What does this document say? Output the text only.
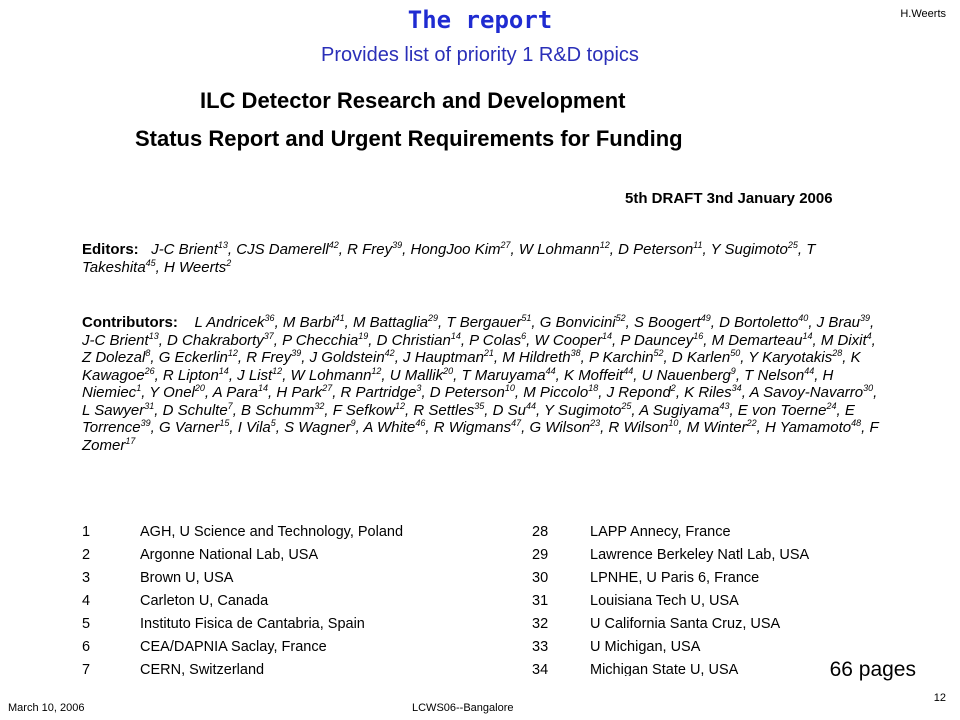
The report
Provides list of priority 1 R&D topics
H.Weerts
ILC Detector Research and Development
Status Report and Urgent Requirements for Funding
5th DRAFT 3nd January 2006
Editors: J-C Brient$^{13}$, CJS Damerell$^{42}$, R Frey$^{39}$, HongJoo Kim$^{27}$, W Lohmann$^{12}$, D Peterson$^{11}$, Y Sugimoto$^{25}$, T Takeshita$^{45}$, H Weerts$^2$
Contributors: L Andricek$^{36}$, M Barbi$^{41}$, M Battaglia$^{29}$, T Bergauer$^{51}$, G Bonvicini$^{52}$, S Boogert$^{49}$, D Bortoletto$^{40}$, J Brau$^{39}$, J-C Brient$^{13}$, D Chakraborty$^{37}$, P Checchia$^{19}$, D Christian$^{14}$, P Colas$^6$, W Cooper$^{14}$, P Dauncey$^{16}$, M Demarteau$^{14}$, M Dixit$^4$, Z Dolezal$^8$, G Eckerlin$^{12}$, R Frey$^{39}$, J Goldstein$^{42}$, J Hauptman$^{21}$, M Hildreth$^{38}$, P Karchin$^{52}$, D Karlen$^{50}$, Y Karyotakis$^{28}$, K Kawagoe$^{26}$, R Lipton$^{14}$, J List$^{12}$, W Lohmann$^{12}$, U Mallik$^{20}$, T Maruyama$^{44}$, K Moffeit$^{44}$, U Nauenberg$^9$, T Nelson$^{44}$, H Niemiec$^1$, Y Onel$^{20}$, A Para$^{14}$, H Park$^{27}$, R Partridge$^3$, D Peterson$^{10}$, M Piccolo$^{18}$, J Repond$^2$, K Riles$^{34}$, A Savoy-Navarro$^{30}$, L Sawyer$^{31}$, D Schulte$^7$, B Schumm$^{32}$, F Sefkow$^{12}$, R Settles$^{35}$, D Su$^{44}$, Y Sugimoto$^{25}$, A Sugiyama$^{43}$, E von Toerne$^{24}$, E Torrence$^{39}$, G Varner$^{15}$, I Vila$^5$, S Wagner$^9$, A White$^{46}$, R Wigmans$^{47}$, G Wilson$^{23}$, R Wilson$^{10}$, M Winter$^{22}$, H Yamamoto$^{48}$, F Zomer$^{17}$
1	AGH, U Science and Technology, Poland
2	Argonne National Lab, USA
3	Brown U, USA
4	Carleton U, Canada
5	Instituto Fisica de Cantabria, Spain
6	CEA/DAPNIA Saclay, France
7	CERN, Switzerland
28	LAPP Annecy, France
29	Lawrence Berkeley Natl Lab, USA
30	LPNHE, U Paris 6, France
31	Louisiana Tech U, USA
32	U California Santa Cruz, USA
33	U Michigan, USA
34	Michigan State U, USA	66 pages
March 10, 2006	LCWS06--Bangalore
12
